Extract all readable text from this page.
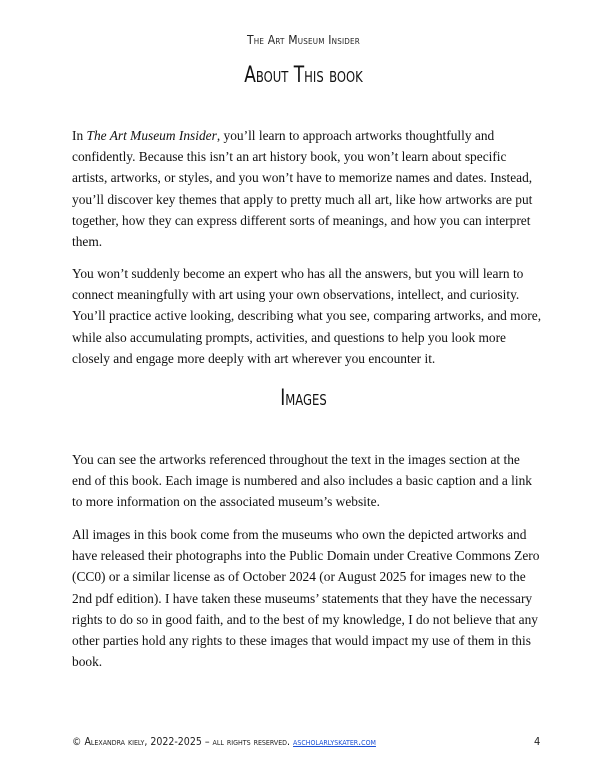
The Art Museum Insider
About This book

In The Art Museum Insider, you’ll learn to approach artworks thoughtfully and confidently. Because this isn’t an art history book, you won’t learn about specific artists, artworks, or styles, and you won’t have to memorize names and dates. Instead, you’ll discover key themes that apply to pretty much all art, like how artworks are put together, how they can express different sorts of meanings, and how you can interpret them.

You won’t suddenly become an expert who has all the answers, but you will learn to connect meaningfully with art using your own observations, intellect, and curiosity. You’ll practice active looking, describing what you see, comparing artworks, and more, while also accumulating prompts, activities, and questions to help you look more closely and engage more deeply with art wherever you encounter it.

Images

You can see the artworks referenced throughout the text in the images section at the end of this book. Each image is numbered and also includes a basic caption and a link to more information on the associated museum’s website.

All images in this book come from the museums who own the depicted artworks and have released their photographs into the Public Domain under Creative Commons Zero (CC0) or a similar license as of October 2024 (or August 2025 for images new to the 2nd pdf edition). I have taken these museums’ statements that they have the necessary rights to do so in good faith, and to the best of my knowledge, I do not believe that any other parties hold any rights to these images that would impact my use of them in this book.

© Alexandra kiely, 2022-2025 – all rights reserved. ascholarlyskater.com	4
